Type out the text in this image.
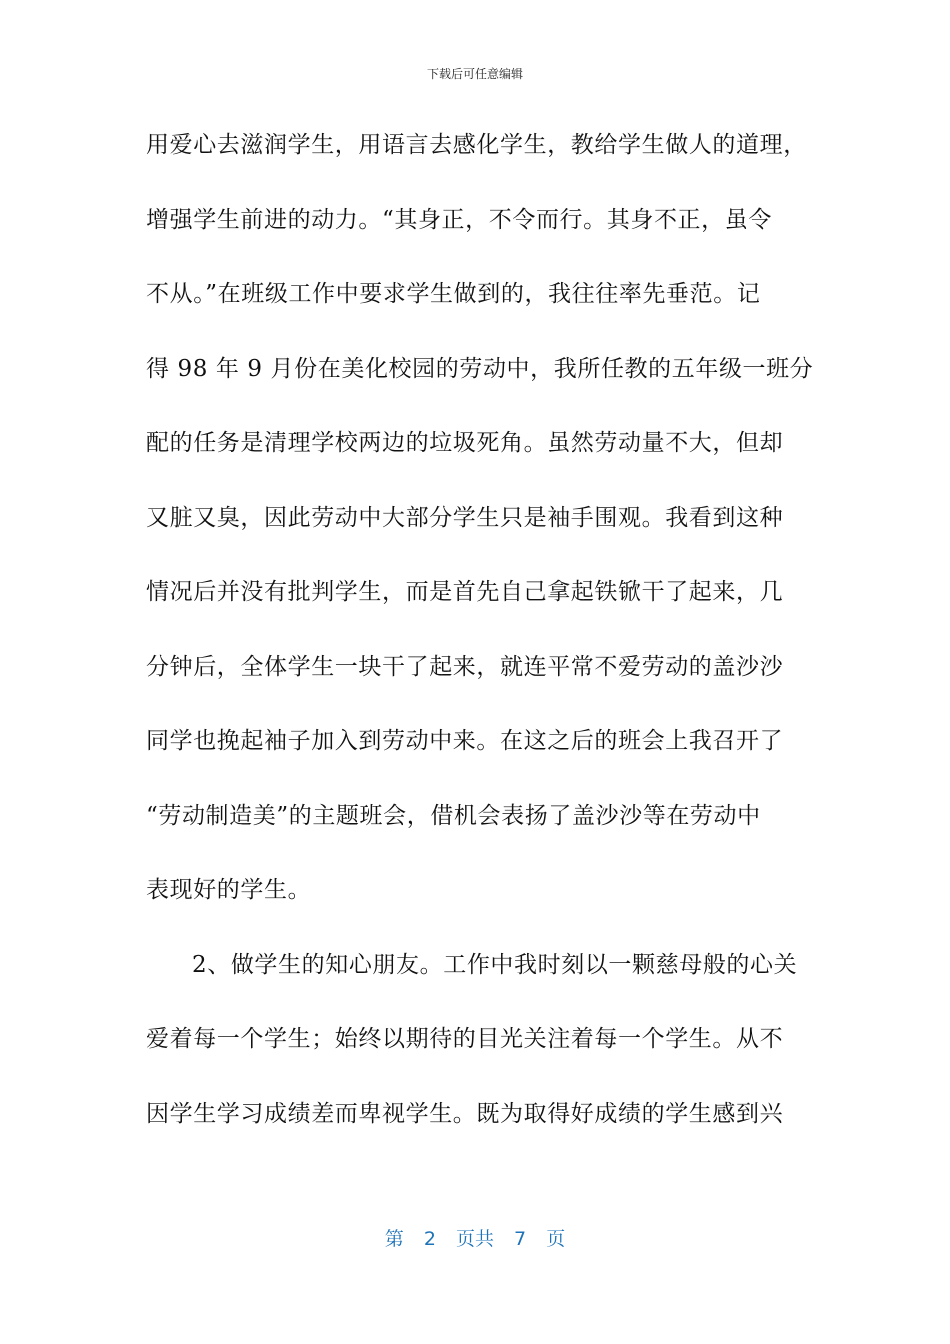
下载后可任意编辑
用爱心去滋润学生，用语言去感化学生，教给学生做人的道理，
增强学生前进的动力。“其身正，不令而行。其身不正，虽令
不从。”在班级工作中要求学生做到的，我往往率先垂范。记
得 98 年 9 月份在美化校园的劳动中，我所任教的五年级一班分
配的任务是清理学校两边的垃圾死角。虽然劳动量不大，但却
又脏又臭，因此劳动中大部分学生只是袖手围观。我看到这种
情况后并没有批判学生，而是首先自己拿起铁锨干了起来，几
分钟后，全体学生一块干了起来，就连平常不爱劳动的盖沙沙
同学也挽起袖子加入到劳动中来。在这之后的班会上我召开了
“劳动制造美”的主题班会，借机会表扬了盖沙沙等在劳动中
表现好的学生。
2、做学生的知心朋友。工作中我时刻以一颗慈母般的心关
爱着每一个学生；始终以期待的目光关注着每一个学生。从不
因学生学习成绩差而卑视学生。既为取得好成绩的学生感到兴
第 2 页共 7 页
